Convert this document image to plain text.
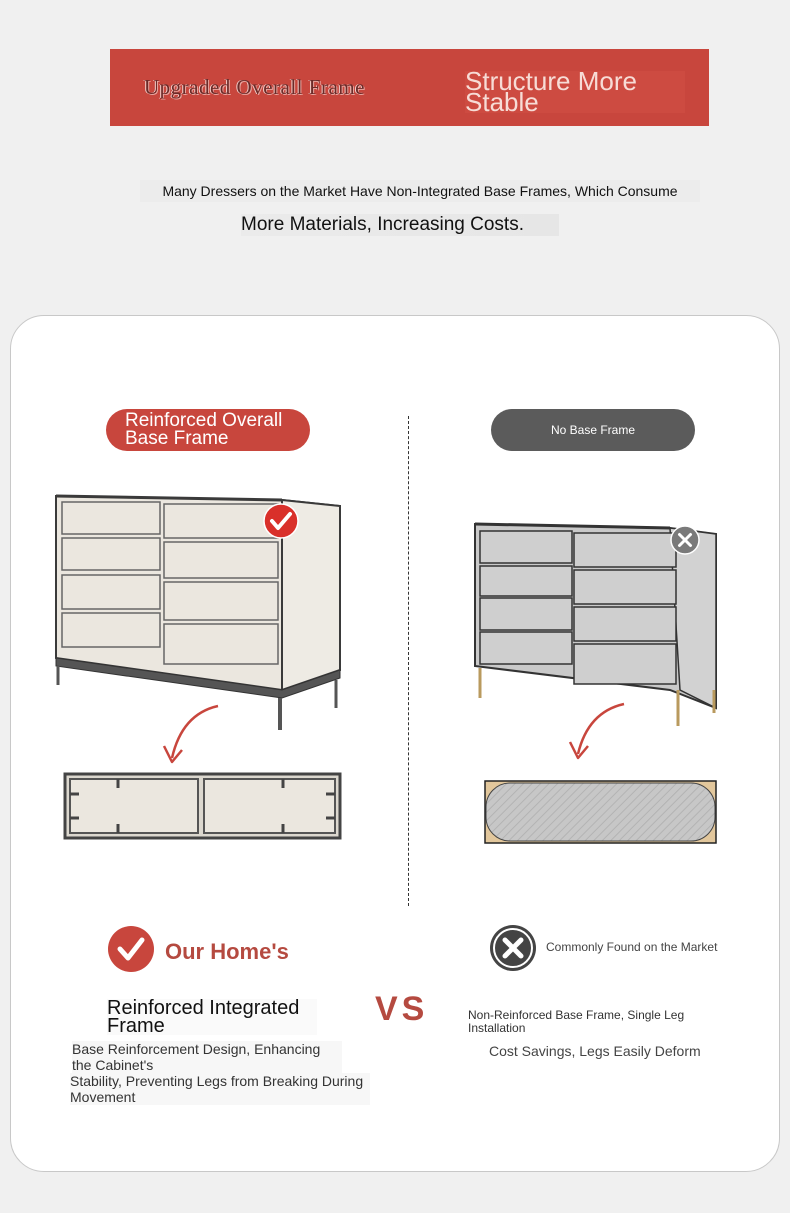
Upgraded Overall Frame	Structure More Stable
Many Dressers on the Market Have Non-Integrated Base Frames, Which Consume
More Materials, Increasing Costs.
Reinforced Overall Base Frame	No Base Frame
Our Home's	Commonly Found on the Market
VS
Reinforced Integrated Frame
Base Reinforcement Design, Enhancing the Cabinet's
Stability, Preventing Legs from Breaking During Movement
Non-Reinforced Base Frame, Single Leg Installation
Cost Savings, Legs Easily Deform
